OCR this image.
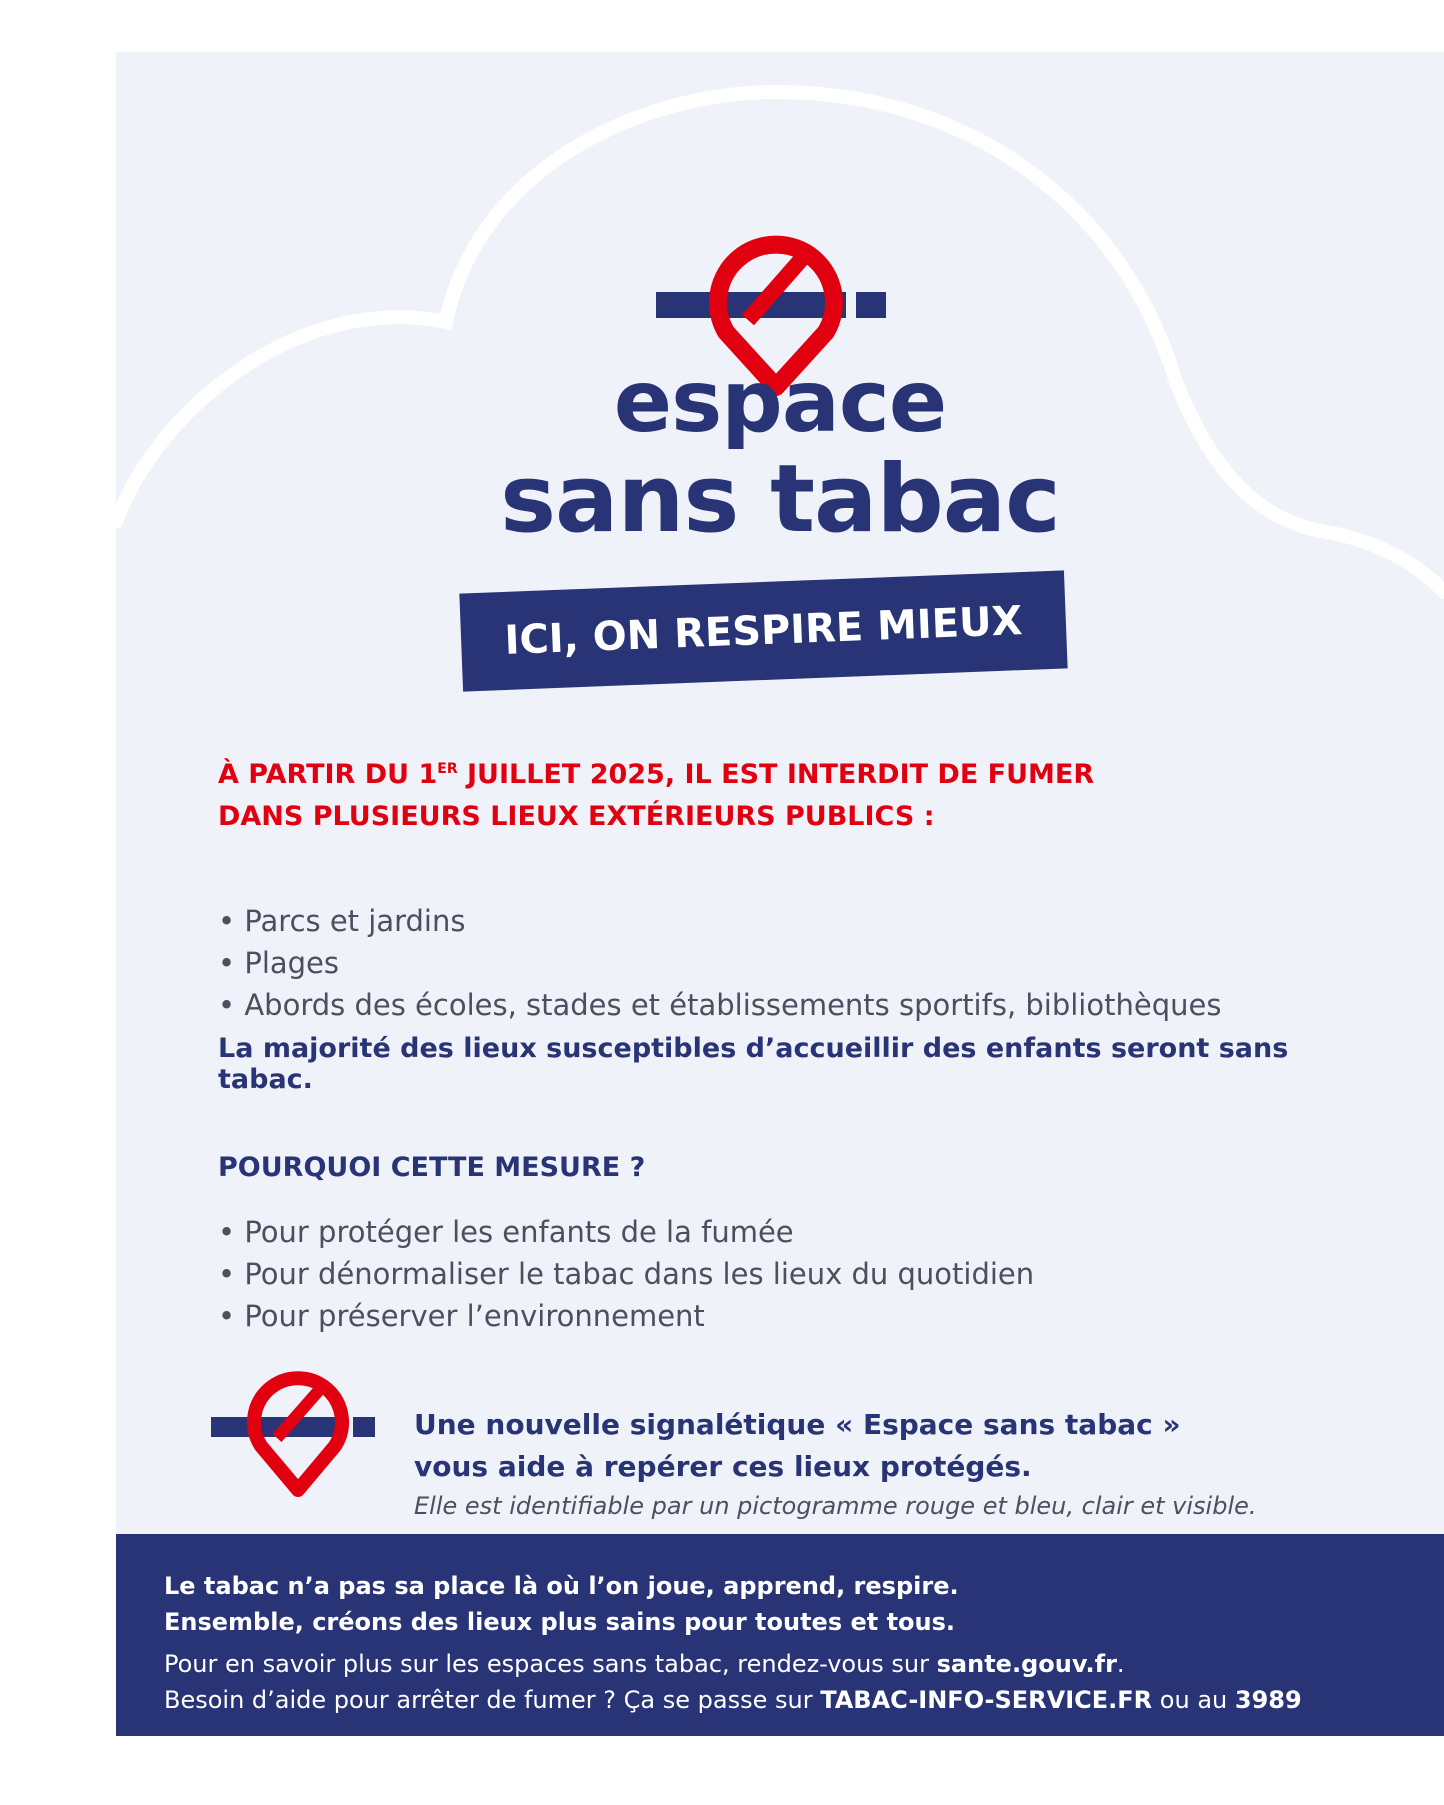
espace
sans tabac
ICI, ON RESPIRE MIEUX
À PARTIR DU 1ER JUILLET 2025, IL EST INTERDIT DE FUMER
DANS PLUSIEURS LIEUX EXTÉRIEURS PUBLICS :
• Parcs et jardins
• Plages
• Abords des écoles, stades et établissements sportifs, bibliothèques
La majorité des lieux susceptibles d’accueillir des enfants seront sans tabac.
POURQUOI CETTE MESURE ?
• Pour protéger les enfants de la fumée
• Pour dénormaliser le tabac dans les lieux du quotidien
• Pour préserver l’environnement
Une nouvelle signalétique « Espace sans tabac »
vous aide à repérer ces lieux protégés.
Elle est identifiable par un pictogramme rouge et bleu, clair et visible.
Le tabac n’a pas sa place là où l’on joue, apprend, respire.
Ensemble, créons des lieux plus sains pour toutes et tous.
Pour en savoir plus sur les espaces sans tabac, rendez-vous sur sante.gouv.fr.
Besoin d’aide pour arrêter de fumer ? Ça se passe sur TABAC-INFO-SERVICE.FR ou au 3989
